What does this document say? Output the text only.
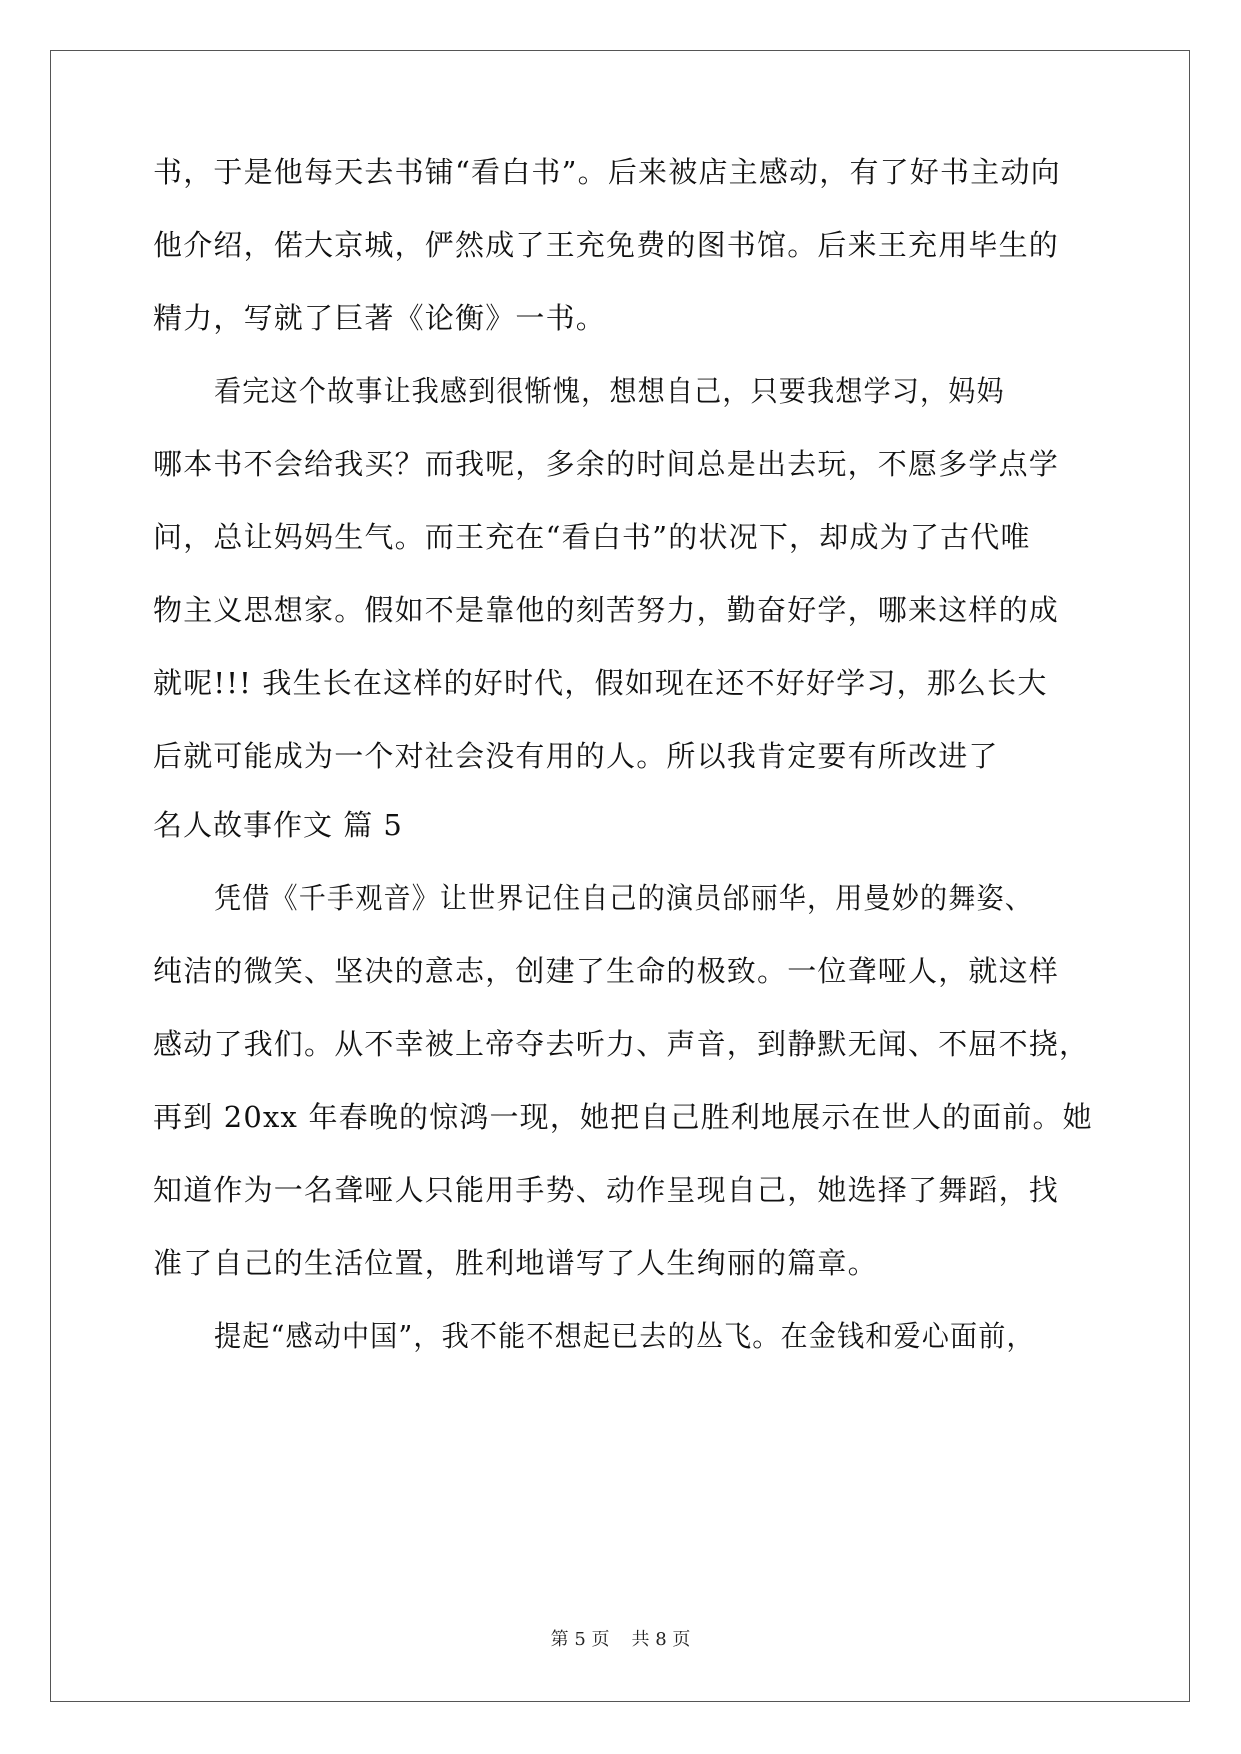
书，于是他每天去书铺“看白书”。后来被店主感动，有了好书主动向

他介绍，偌大京城，俨然成了王充免费的图书馆。后来王充用毕生的

精力，写就了巨著《论衡》一书。

看完这个故事让我感到很惭愧，想想自己，只要我想学习，妈妈

哪本书不会给我买？而我呢，多余的时间总是出去玩，不愿多学点学

问，总让妈妈生气。而王充在“看白书”的状况下，却成为了古代唯

物主义思想家。假如不是靠他的刻苦努力，勤奋好学，哪来这样的成

就呢!!! 我生长在这样的好时代，假如现在还不好好学习，那么长大

后就可能成为一个对社会没有用的人。所以我肯定要有所改进了

名人故事作文 篇 5

凭借《千手观音》让世界记住自己的演员邰丽华，用曼妙的舞姿、

纯洁的微笑、坚决的意志，创建了生命的极致。一位聋哑人，就这样

感动了我们。从不幸被上帝夺去听力、声音，到静默无闻、不屈不挠，

再到 20xx 年春晚的惊鸿一现，她把自己胜利地展示在世人的面前。她

知道作为一名聋哑人只能用手势、动作呈现自己，她选择了舞蹈，找

准了自己的生活位置，胜利地谱写了人生绚丽的篇章。

提起“感动中国”，我不能不想起已去的丛飞。在金钱和爱心面前，

第 5 页 共 8 页
